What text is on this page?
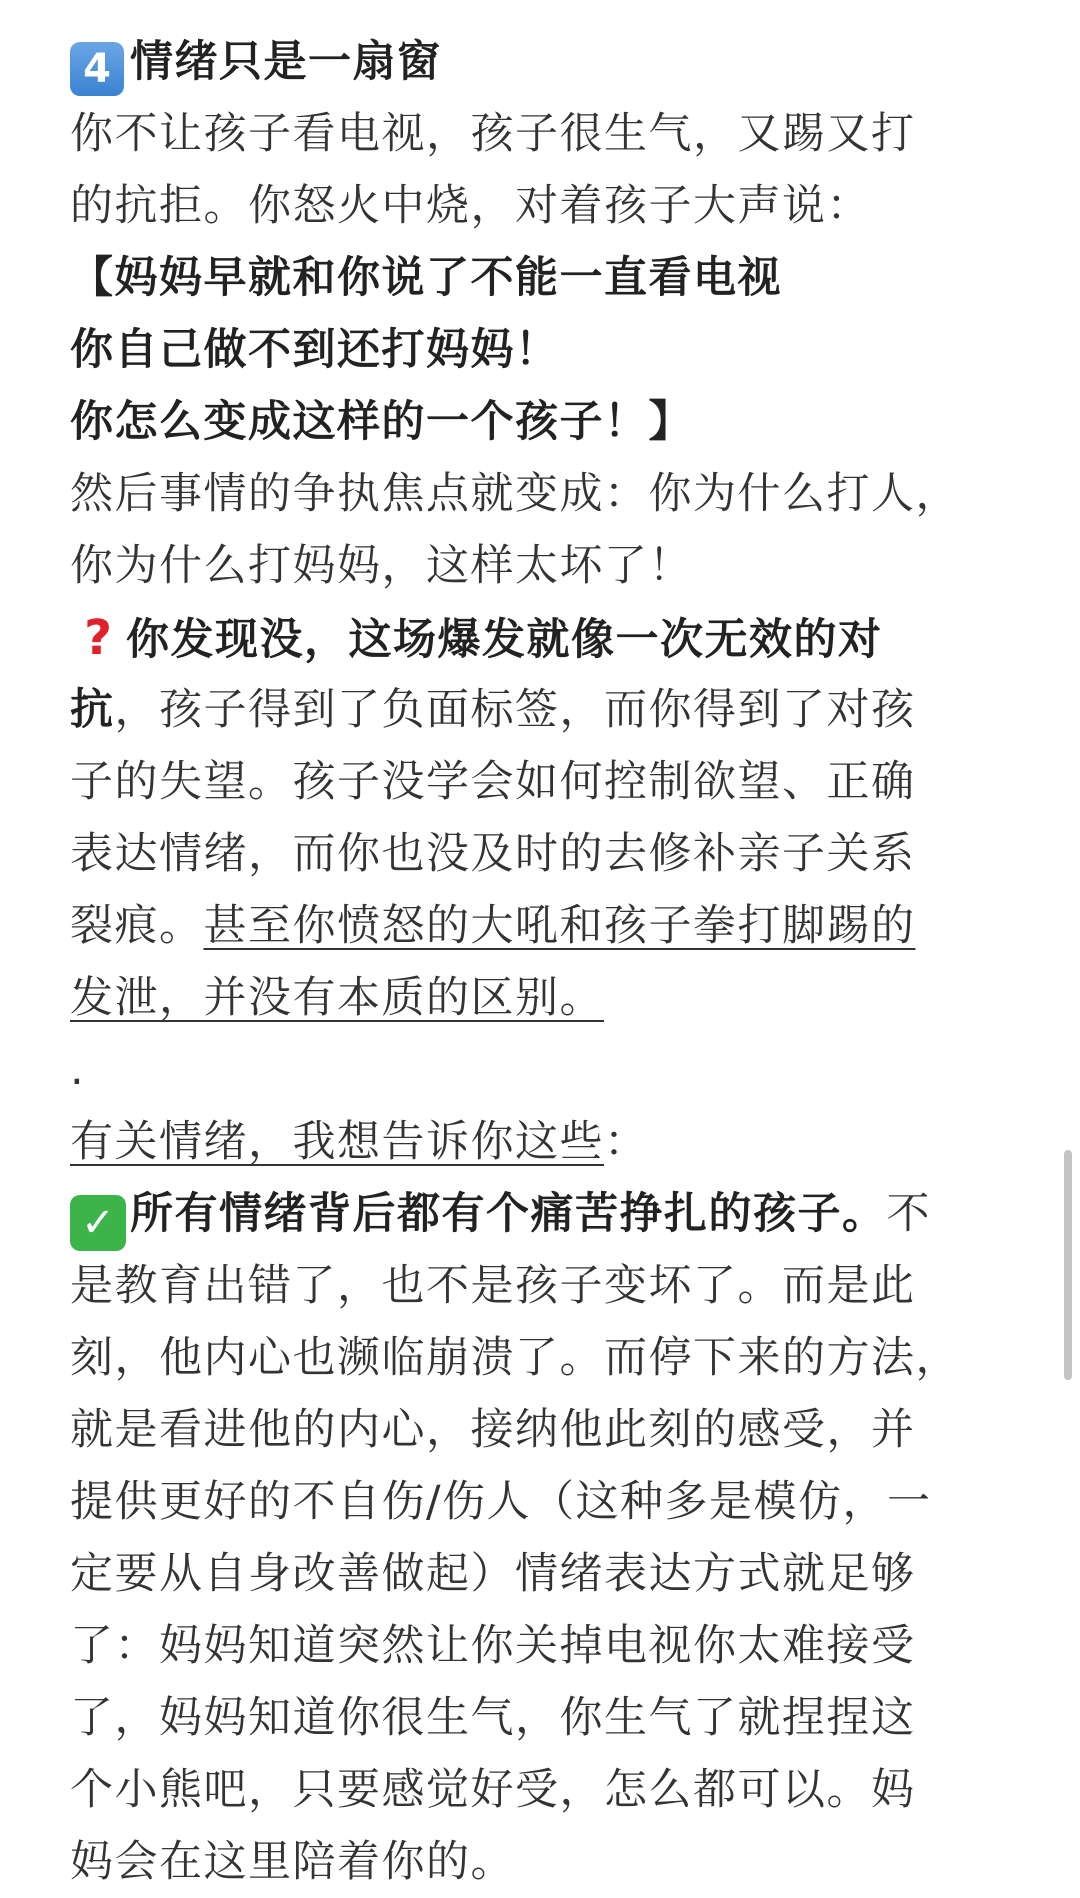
4 情绪只是一扇窗
你不让孩子看电视，孩子很生气，又踢又打
的抗拒。你怒火中烧，对着孩子大声说：
【妈妈早就和你说了不能一直看电视
你自己做不到还打妈妈！
你怎么变成这样的一个孩子！】
然后事情的争执焦点就变成：你为什么打人，
你为什么打妈妈，这样太坏了！
? 你发现没，这场爆发就像一次无效的对
抗，孩子得到了负面标签，而你得到了对孩
子的失望。孩子没学会如何控制欲望、正确
表达情绪，而你也没及时的去修补亲子关系
裂痕。甚至你愤怒的大吼和孩子拳打脚踢的
发泄，并没有本质的区别。
.
有关情绪，我想告诉你这些：
✓ 所有情绪背后都有个痛苦挣扎的孩子。不
是教育出错了，也不是孩子变坏了。而是此
刻，他内心也濒临崩溃了。而停下来的方法，
就是看进他的内心，接纳他此刻的感受，并
提供更好的不自伤/伤人（这种多是模仿，一
定要从自身改善做起）情绪表达方式就足够
了：妈妈知道突然让你关掉电视你太难接受
了，妈妈知道你很生气，你生气了就捏捏这
个小熊吧，只要感觉好受，怎么都可以。妈
妈会在这里陪着你的。
